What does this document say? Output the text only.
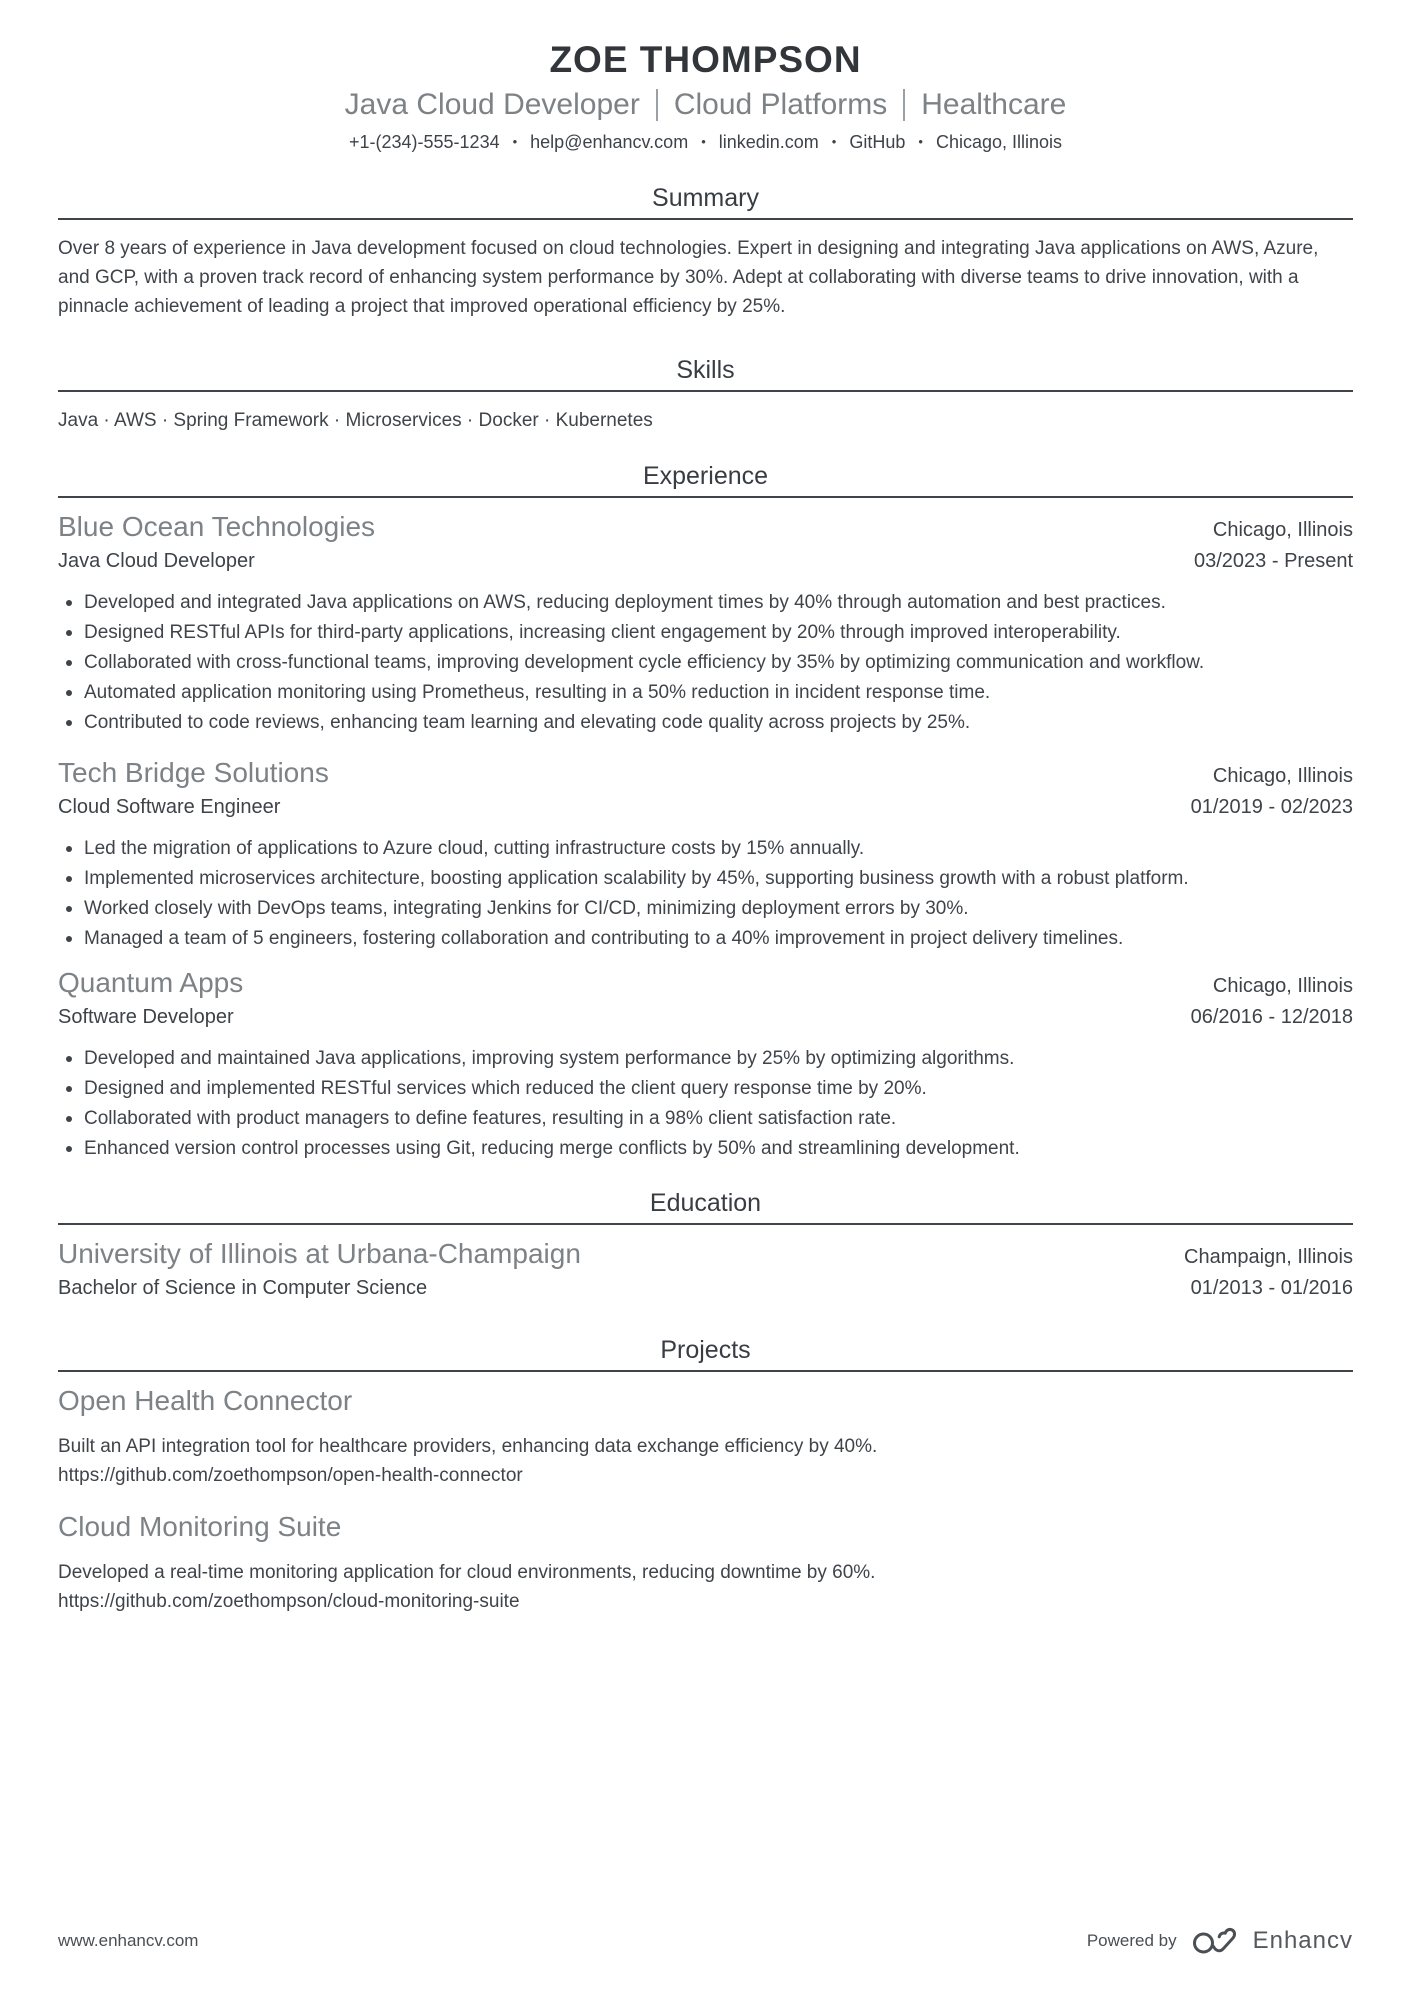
ZOE THOMPSON
Java Cloud Developer Cloud Platforms Healthcare
+1-(234)-555-1234 • help@enhancv.com • linkedin.com • GitHub • Chicago, Illinois
Summary

Over 8 years of experience in Java development focused on cloud technologies. Expert in designing and integrating Java applications on AWS, Azure, and GCP, with a proven track record of enhancing system performance by 30%. Adept at collaborating with diverse teams to drive innovation, with a pinnacle achievement of leading a project that improved operational efficiency by 25%.

Skills

Java · AWS · Spring Framework · Microservices · Docker · Kubernetes

Experience
Blue Ocean Technologies	Chicago, Illinois
Java Cloud Developer	03/2023 - Present
Developed and integrated Java applications on AWS, reducing deployment times by 40% through automation and best practices.
Designed RESTful APIs for third-party applications, increasing client engagement by 20% through improved interoperability.
Collaborated with cross-functional teams, improving development cycle efficiency by 35% by optimizing communication and workflow.
Automated application monitoring using Prometheus, resulting in a 50% reduction in incident response time.
Contributed to code reviews, enhancing team learning and elevating code quality across projects by 25%.
Tech Bridge Solutions	Chicago, Illinois
Cloud Software Engineer	01/2019 - 02/2023
Led the migration of applications to Azure cloud, cutting infrastructure costs by 15% annually.
Implemented microservices architecture, boosting application scalability by 45%, supporting business growth with a robust platform.
Worked closely with DevOps teams, integrating Jenkins for CI/CD, minimizing deployment errors by 30%.
Managed a team of 5 engineers, fostering collaboration and contributing to a 40% improvement in project delivery timelines.
Quantum Apps	Chicago, Illinois
Software Developer	06/2016 - 12/2018
Developed and maintained Java applications, improving system performance by 25% by optimizing algorithms.
Designed and implemented RESTful services which reduced the client query response time by 20%.
Collaborated with product managers to define features, resulting in a 98% client satisfaction rate.
Enhanced version control processes using Git, reducing merge conflicts by 50% and streamlining development.
Education
University of Illinois at Urbana-Champaign	Champaign, Illinois
Bachelor of Science in Computer Science	01/2013 - 01/2016
Projects
Open Health Connector

Built an API integration tool for healthcare providers, enhancing data exchange efficiency by 40%.

https://github.com/zoethompson/open-health-connector
Cloud Monitoring Suite

Developed a real-time monitoring application for cloud environments, reducing downtime by 60%.

https://github.com/zoethompson/cloud-monitoring-suite
www.enhancv.com	Powered by	Enhancv
